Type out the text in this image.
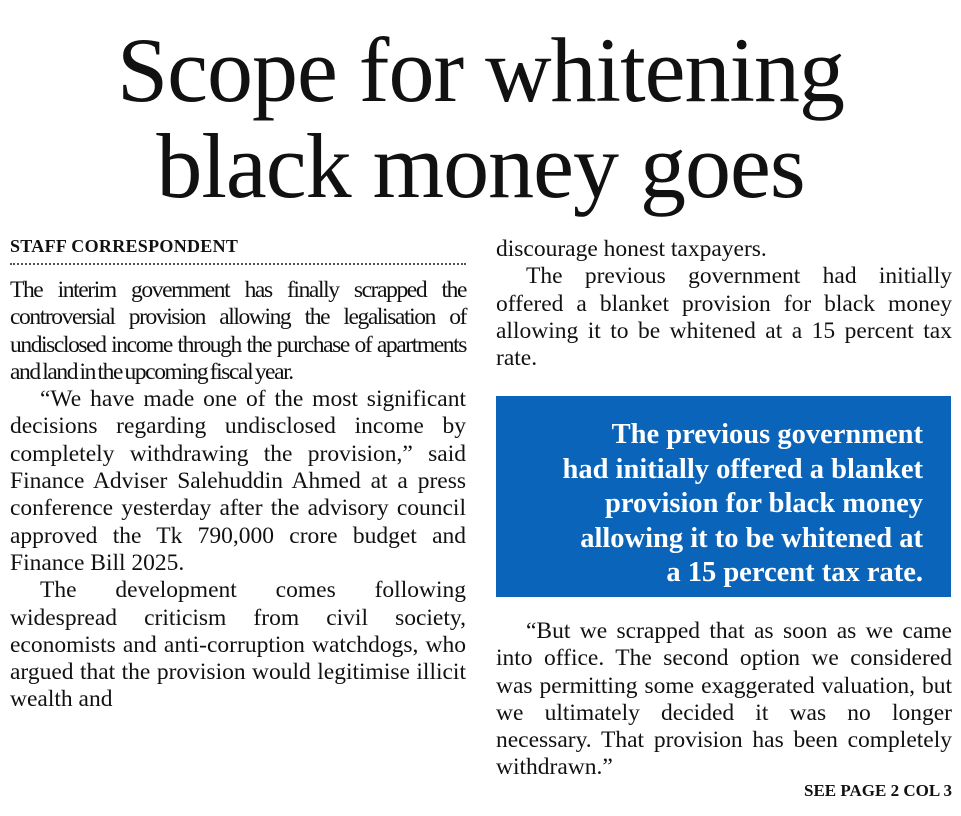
Scope for whitening
black money goes
STAFF CORRESPONDENT

The interim government has finally scrapped the controversial provision allowing the legalisation of undisclosed income through the purchase of apartments and land in the upcoming fiscal year.

“We have made one of the most significant decisions regarding undisclosed income by completely withdrawing the provision,” said Finance Adviser Salehuddin Ahmed at a press conference yesterday after the advisory council approved the Tk 790,000 crore budget and Finance Bill 2025.

The development comes following widespread criticism from civil society, economists and anti-corruption watchdogs, who argued that the provision would legitimise illicit wealth and

discourage honest taxpayers.

The previous government had initially offered a blanket provision for black money allowing it to be whitened at a 15 percent tax rate.

The previous government
had initially offered a blanket
provision for black money
allowing it to be whitened at
a 15 percent tax rate.

“But we scrapped that as soon as we came into office. The second option we considered was permitting some exaggerated valuation, but we ultimately decided it was no longer necessary. That provision has been completely withdrawn.”

SEE PAGE 2 COL 3
